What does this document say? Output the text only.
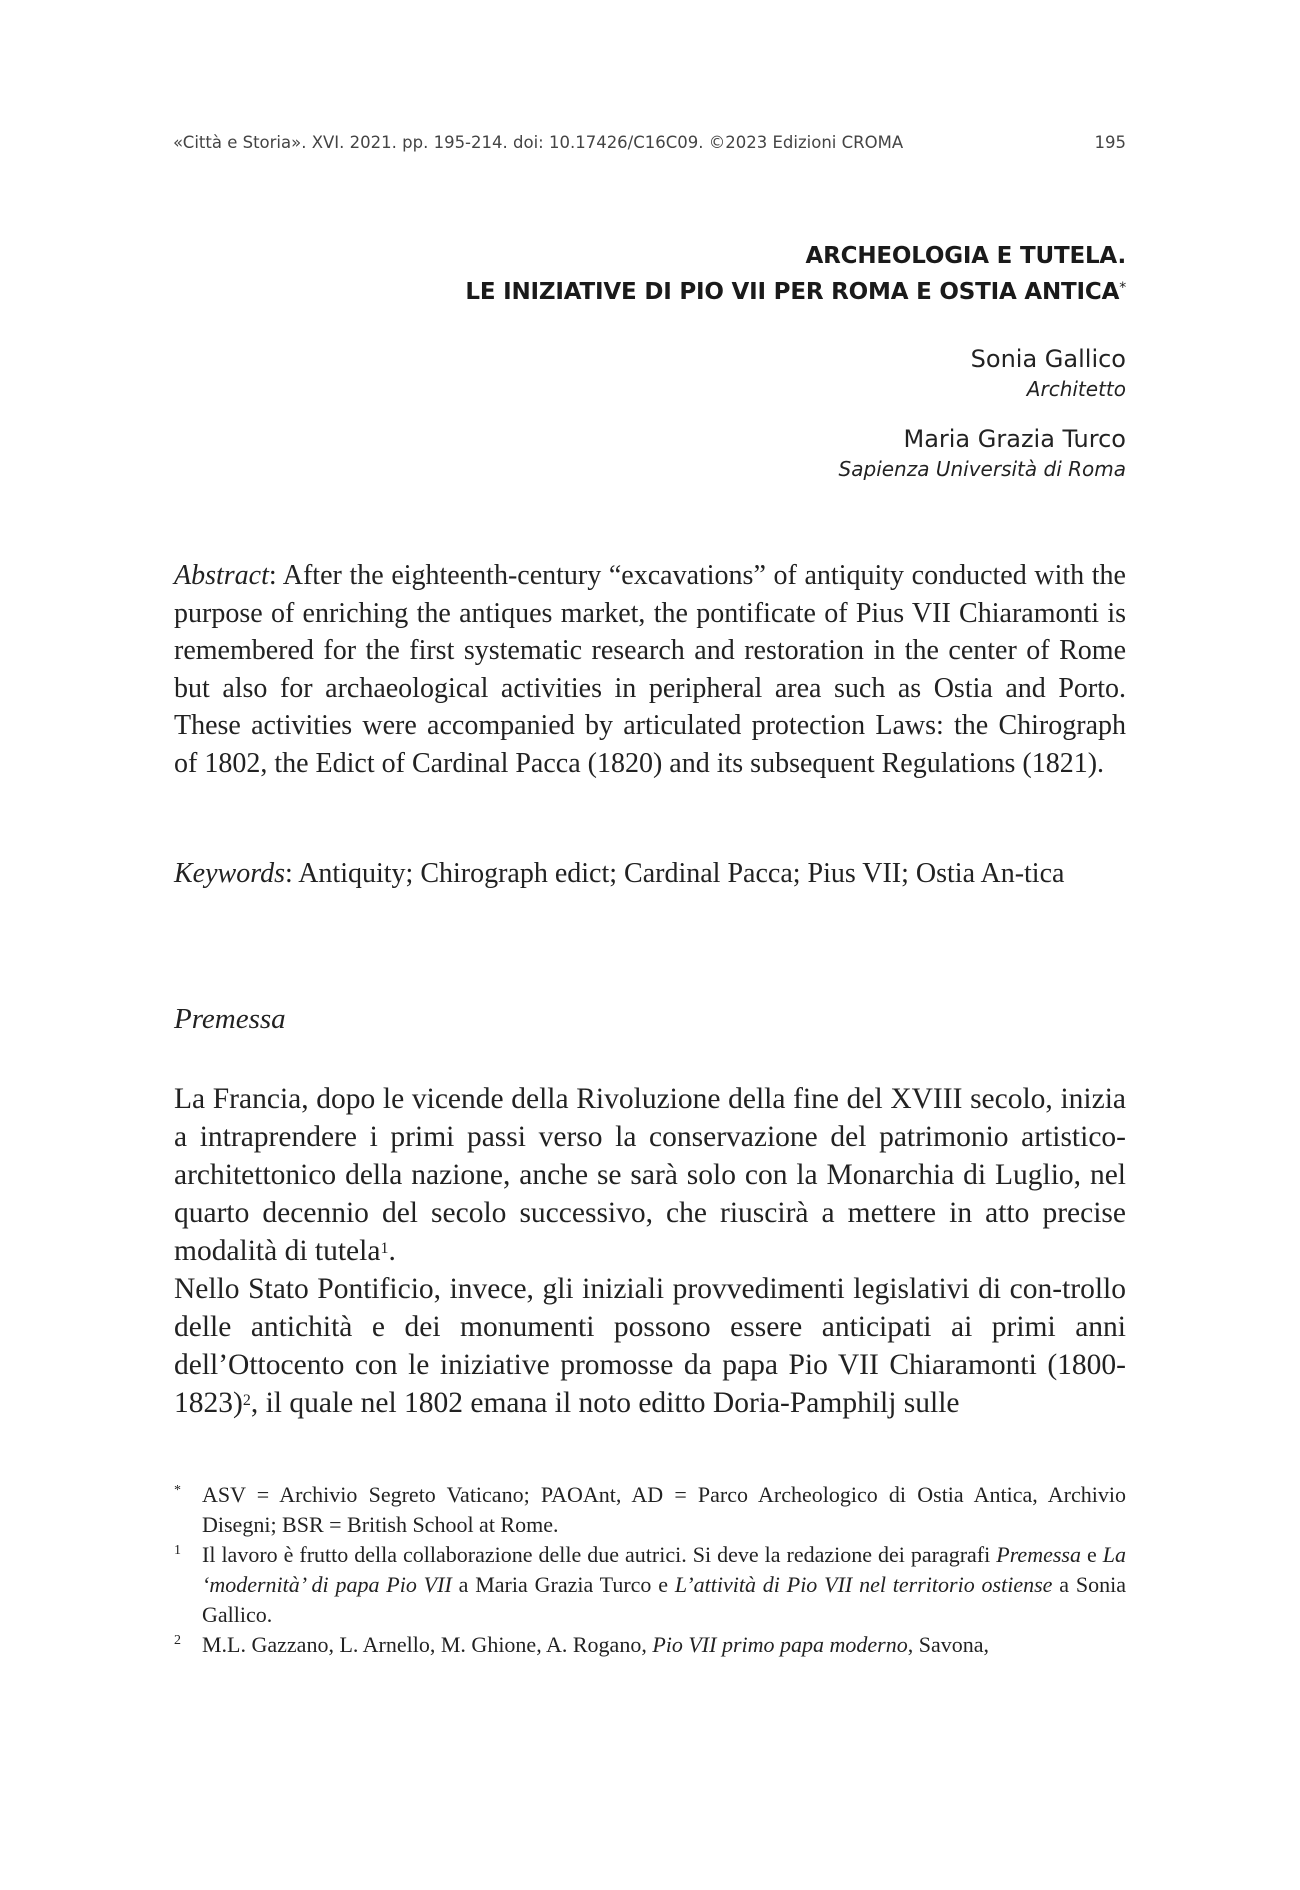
«Città e Storia». XVI. 2021. pp. 195-214. doi: 10.17426/C16C09. ©2023 Edizioni CROMA	195
ARCHEOLOGIA E TUTELA.
LE INIZIATIVE DI PIO VII PER ROMA E OSTIA ANTICA*
Sonia Gallico
Architetto
Maria Grazia Turco
Sapienza Università di Roma
Abstract: After the eighteenth-century “excavations” of antiquity conducted with the purpose of enriching the antiques market, the pontificate of Pius VII Chiaramonti is remembered for the first systematic research and restoration in the center of Rome but also for archaeological activities in peripheral area such as Ostia and Porto. These activities were accompanied by articulated protection Laws: the Chirograph of 1802, the Edict of Cardinal Pacca (1820) and its subsequent Regulations (1821).
Keywords: Antiquity; Chirograph edict; Cardinal Pacca; Pius VII; Ostia An-tica
Premessa

La Francia, dopo le vicende della Rivoluzione della fine del XVIII secolo, inizia a intraprendere i primi passi verso la conservazione del patrimonio artistico-architettonico della nazione, anche se sarà solo con la Monarchia di Luglio, nel quarto decennio del secolo successivo, che riuscirà a mettere in atto precise modalità di tutela$^1$.

Nello Stato Pontificio, invece, gli iniziali provvedimenti legislativi di con-trollo delle antichità e dei monumenti possono essere anticipati ai primi anni dell’Ottocento con le iniziative promosse da papa Pio VII Chiaramonti (1800-1823)$^2$, il quale nel 1802 emana il noto editto Doria-Pamphilj sulle

* ASV = Archivio Segreto Vaticano; PAOAnt, AD = Parco Archeologico di Ostia Antica, Archivio Disegni; BSR = British School at Rome.
1 Il lavoro è frutto della collaborazione delle due autrici. Si deve la redazione dei paragrafi Premessa e La ‘modernità’ di papa Pio VII a Maria Grazia Turco e L’attività di Pio VII nel territorio ostiense a Sonia Gallico.
2 M.L. Gazzano, L. Arnello, M. Ghione, A. Rogano, Pio VII primo papa moderno, Savona,
